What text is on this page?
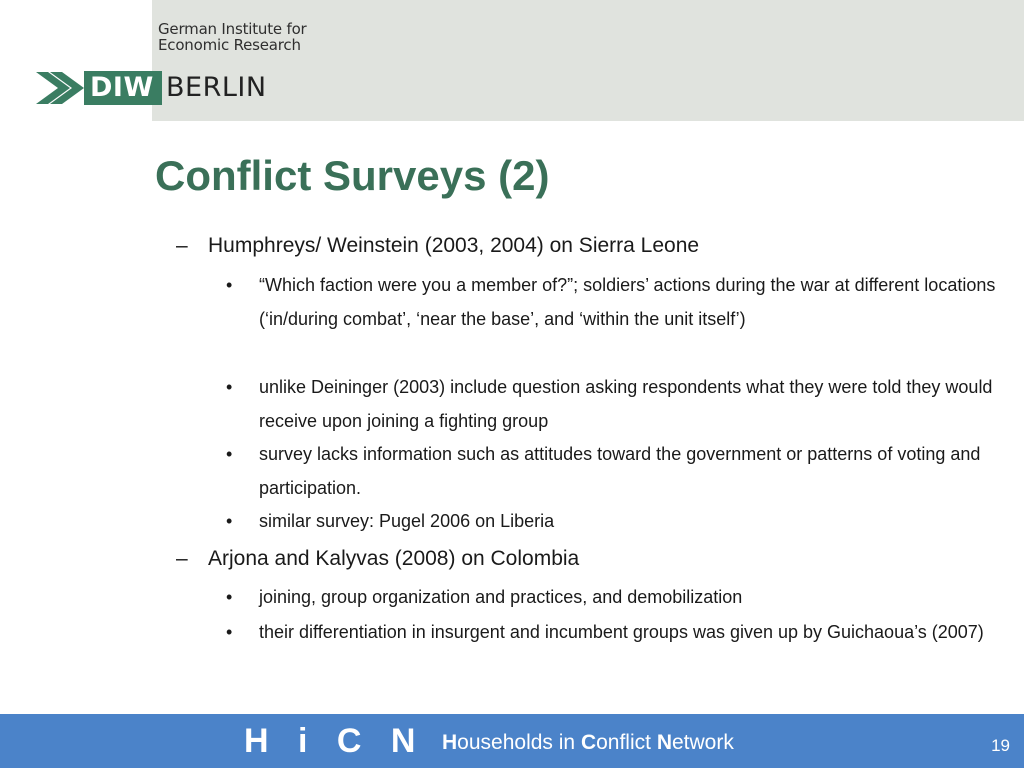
German Institute for
Economic Research
DIW BERLIN
Conflict Surveys (2)
– Humphreys/ Weinstein (2003, 2004) on Sierra Leone
• “Which faction were you a member of?”; soldiers’ actions during the war at different locations (‘in/during combat’, ‘near the base’, and ‘within the unit itself’)
• unlike Deininger (2003) include question asking respondents what they were told they would receive upon joining a fighting group
• survey lacks information such as attitudes toward the government or patterns of voting and participation.
• similar survey: Pugel 2006 on Liberia
– Arjona and Kalyvas (2008) on Colombia
• joining, group organization and practices, and demobilization
• their differentiation in insurgent and incumbent groups was given up by Guichaoua’s (2007)
H i C N Households in Conflict Network	19
